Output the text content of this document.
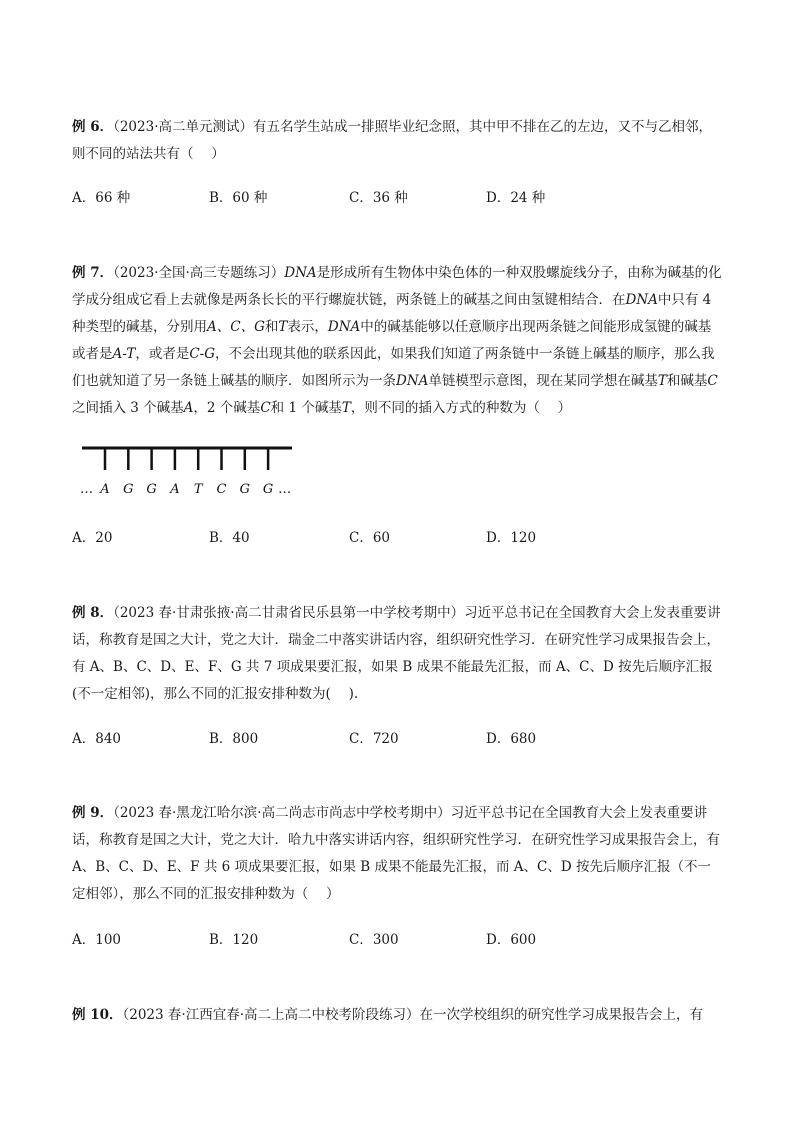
例 6．（2023·高二单元测试）有五名学生站成一排照毕业纪念照，其中甲不排在乙的左边，又不与乙相邻，则不同的站法共有（　 ）
A．66 种	B．60 种	C．36 种	D．24 种
例 7．（2023·全国·高三专题练习）DNA是形成所有生物体中染色体的一种双股螺旋线分子，由称为碱基的化学成分组成它看上去就像是两条长长的平行螺旋状链，两条链上的碱基之间由氢键相结合．在DNA中只有 4 种类型的碱基，分别用A、C、G和T表示，DNA中的碱基能够以任意顺序出现两条链之间能形成氢键的碱基或者是A-T，或者是C-G，不会出现其他的联系因此，如果我们知道了两条链中一条链上碱基的顺序，那么我们也就知道了另一条链上碱基的顺序．如图所示为一条DNA单链模型示意图，现在某同学想在碱基T和碱基C之间插入 3 个碱基A，2 个碱基C和 1 个碱基T，则不同的插入方式的种数为（　 ）
A G G A T C G G
…	…
A．20	B．40	C．60	D．120
例 8．（2023 春·甘肃张掖·高二甘肃省民乐县第一中学校考期中）习近平总书记在全国教育大会上发表重要讲话，称教育是国之大计，党之大计．瑞金二中落实讲话内容，组织研究性学习．在研究性学习成果报告会上，有 A、B、C、D、E、F、G 共 7 项成果要汇报，如果 B 成果不能最先汇报，而 A、C、D 按先后顺序汇报(不一定相邻)，那么不同的汇报安排种数为(　 ).
A．840	B．800	C．720	D．680
例 9．（2023 春·黑龙江哈尔滨·高二尚志市尚志中学校考期中）习近平总书记在全国教育大会上发表重要讲话，称教育是国之大计，党之大计．哈九中落实讲话内容，组织研究性学习．在研究性学习成果报告会上，有 A、B、C、D、E、F 共 6 项成果要汇报，如果 B 成果不能最先汇报，而 A、C、D 按先后顺序汇报（不一定相邻），那么不同的汇报安排种数为（　 ）
A．100	B．120	C．300	D．600
例 10．（2023 春·江西宜春·高二上高二中校考阶段练习）在一次学校组织的研究性学习成果报告会上，有
